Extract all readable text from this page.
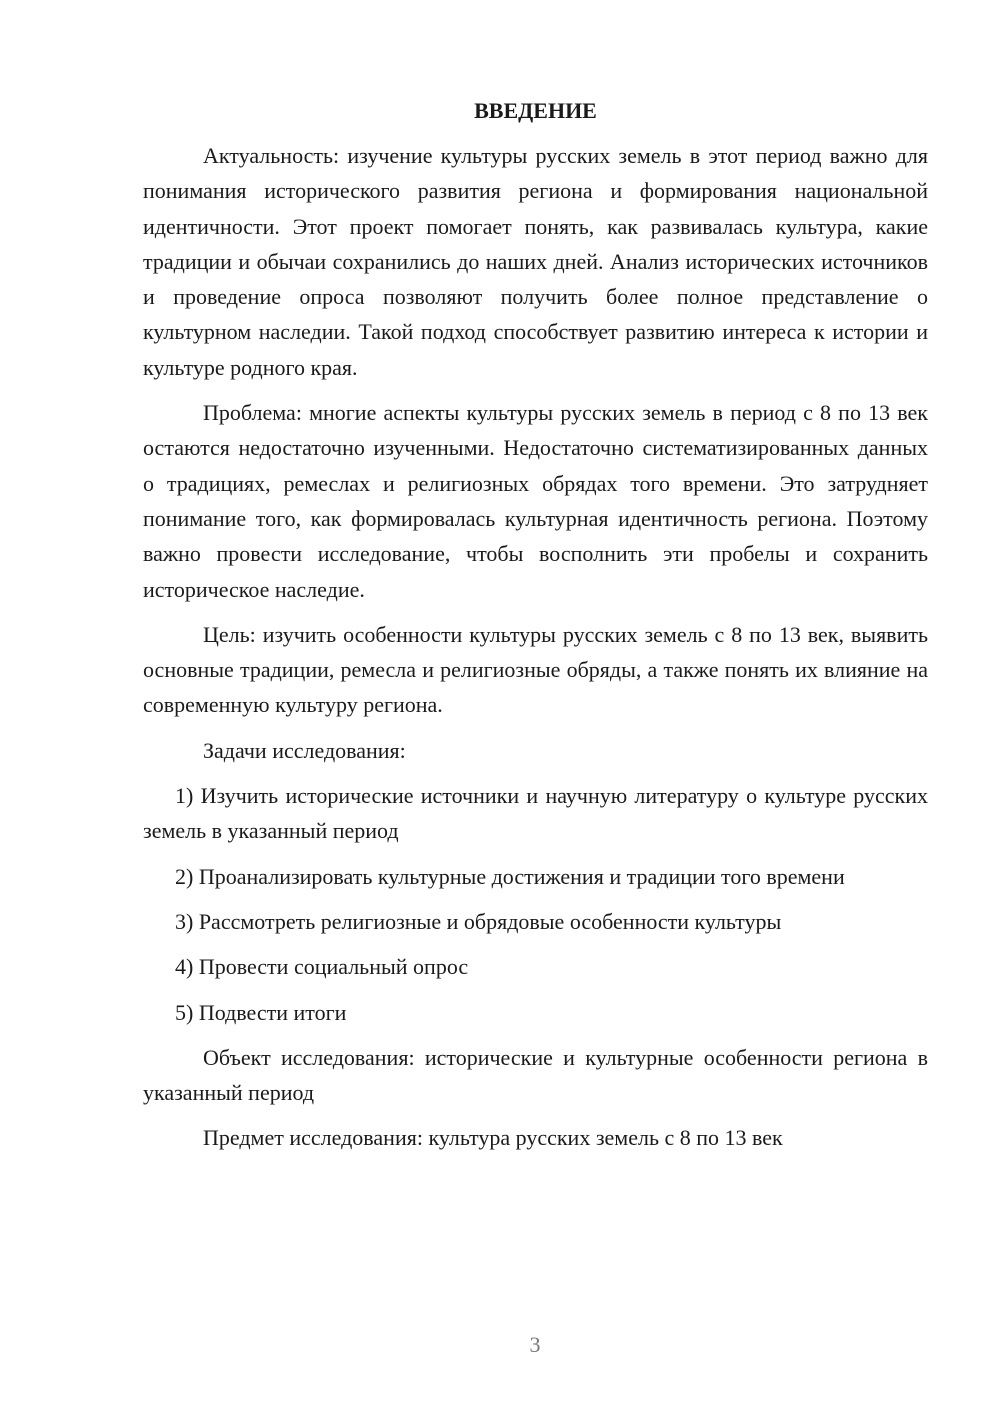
ВВЕДЕНИЕ

Актуальность: изучение культуры русских земель в этот период важно для понимания исторического развития региона и формирования национальной идентичности. Этот проект помогает понять, как развивалась культура, какие традиции и обычаи сохранились до наших дней. Анализ исторических источников и проведение опроса позволяют получить более полное представление о культурном наследии. Такой подход способствует развитию интереса к истории и культуре родного края.

Проблема: многие аспекты культуры русских земель в период с 8 по 13 век остаются недостаточно изученными. Недостаточно систематизированных данных о традициях, ремеслах и религиозных обрядах того времени. Это затрудняет понимание того, как формировалась культурная идентичность региона. Поэтому важно провести исследование, чтобы восполнить эти пробелы и сохранить историческое наследие.

Цель: изучить особенности культуры русских земель с 8 по 13 век, выявить основные традиции, ремесла и религиозные обряды, а также понять их влияние на современную культуру региона.

Задачи исследования:

1) Изучить исторические источники и научную литературу о культуре русских земель в указанный период

2) Проанализировать культурные достижения и традиции того времени

3) Рассмотреть религиозные и обрядовые особенности культуры

4) Провести социальный опрос

5) Подвести итоги

Объект исследования: исторические и культурные особенности региона в указанный период

Предмет исследования: культура русских земель с 8 по 13 век

3
